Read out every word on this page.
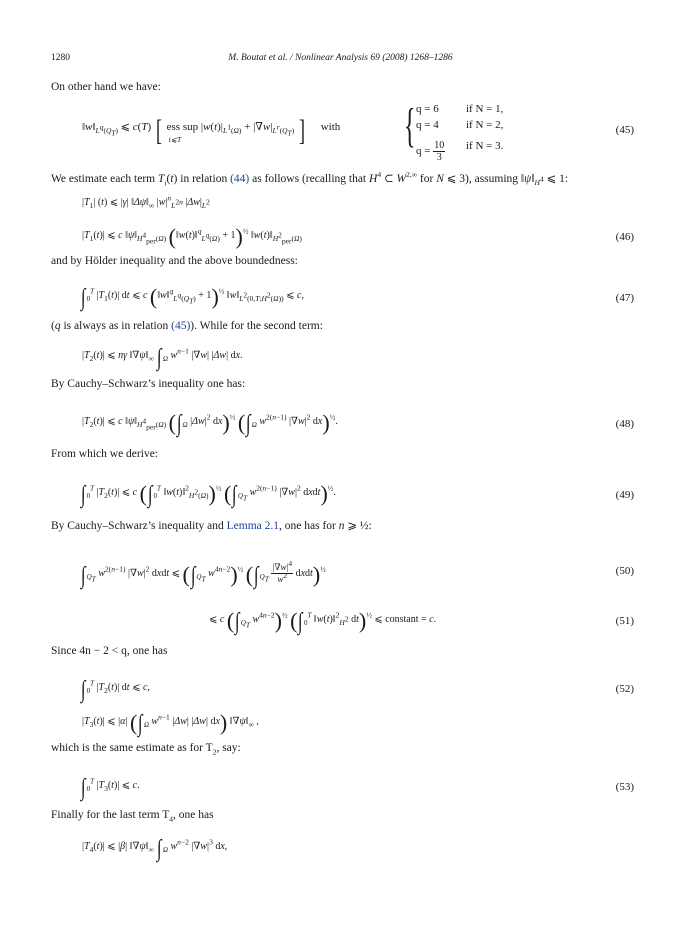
1280	M. Boutat et al. / Nonlinear Analysis 69 (2008) 1268–1286
On other hand we have:
$‖w‖_{L^q(Q_T)}$ ⩽ c(T) [ ess sup
t⩽T
$|w(t)|_{L^1(\Omega)} + |\nabla w|_{L^r(Q_T)}$ ]     with { q = 6 if N = 1,
q = 4 if N = 2,
$q = \frac{10}{3}$ if N = 3.
(45)
We estimate each term $T_i(t)$ in relation (44) as follows (recalling that $H^4$ ⊂ $W^{2,\infty}$ for N ⩽ 3), assuming $‖\psi‖_{H^4}$ ⩽ 1:
$|T_1|$ (t) ⩽ |γ| $‖\Delta\psi‖_\infty$ $|w|^n_{L^{2n}}$ $|\Delta w|_{L^2}$
$|T_1(t)|$ ⩽ c $‖\psi‖_{H^4_{per}(\Omega)}$ (‖w(t)‖$^q_{L^q(\Omega)}$ + 1)$^{\frac{1}{2}}$ $‖w(t)‖_{H^2_{per}(\Omega)}$	(46)
and by Hölder inequality and the above boundedness:
$\int_0^T$ $|T_1(t)|$ dt ⩽ c (‖w‖$^q_{L^q(Q_T)}$ + 1)$^{\frac{1}{2}}$ $‖w‖_{L^2(0,T;H^2(\Omega))}$ ⩽ c,	(47)
(q is always as in relation (45)). While for the second term:
$|T_2(t)|$ ⩽ nγ $‖\nabla\psi‖_\infty$ $\int_\Omega$ $w^{n-1}$ |∇w| |Δw| dx.
By Cauchy–Schwarz’s inequality one has:
$|T_2(t)|$ ⩽ c $‖\psi‖_{H^4_{per}(\Omega)}$ ($\int_\Omega$ $|\Delta w|^2$ dx)$^{\frac{1}{2}}$ ($\int_\Omega$ $w^{2(n-1)}$ $|\nabla w|^2$ dx)$^{\frac{1}{2}}$.	(48)
From which we derive:
$\int_0^T$ $|T_2(t)|$ ⩽ c ($\int_0^T$ ‖w(t)‖$^2_{H^2(\Omega)}$)$^{\frac{1}{2}}$ ($\int_{Q_T}$ $w^{2(n-1)}$ $|\nabla w|^2$ dxdt)$^{\frac{1}{2}}$.	(49)
By Cauchy–Schwarz’s inequality and Lemma 2.1, one has for n ⩾ ½:
$\int_{Q_T}$ $w^{2(n-1)}$ $|\nabla w|^2$ dxdt ⩽ ($\int_{Q_T}$ $w^{4n-2})^{\frac{1}{2}}$ ($\int_{Q_T} \frac{|\nabla w|^4}{w^2}$ dxdt)$^{\frac{1}{2}}$	(50)
⩽ c ($\int_{Q_T}$ $w^{4n-2})^{\frac{1}{2}}$ ($\int_0^T$ ‖w(t)‖$^2_{H^2}$ dt)$^{\frac{1}{2}}$ ⩽ constant = c.	(51)
Since 4n − 2 < q, one has
$\int_0^T$ $|T_2(t)|$ dt ⩽ c,	(52)
$|T_3(t)|$ ⩽ |α| ($\int_\Omega$ $w^{n-1}$ |Δw| |Δw| dx) $‖\nabla\psi‖_\infty$ ,
which is the same estimate as for $T_2$, say:
$\int_0^T$ $|T_3(t)|$ ⩽ c.	(53)
Finally for the last term $T_4$, one has
$|T_4(t)|$ ⩽ |β| $‖\nabla\psi‖_\infty$ $\int_\Omega$ $w^{n-2}$ $|\nabla w|^3$ dx,
